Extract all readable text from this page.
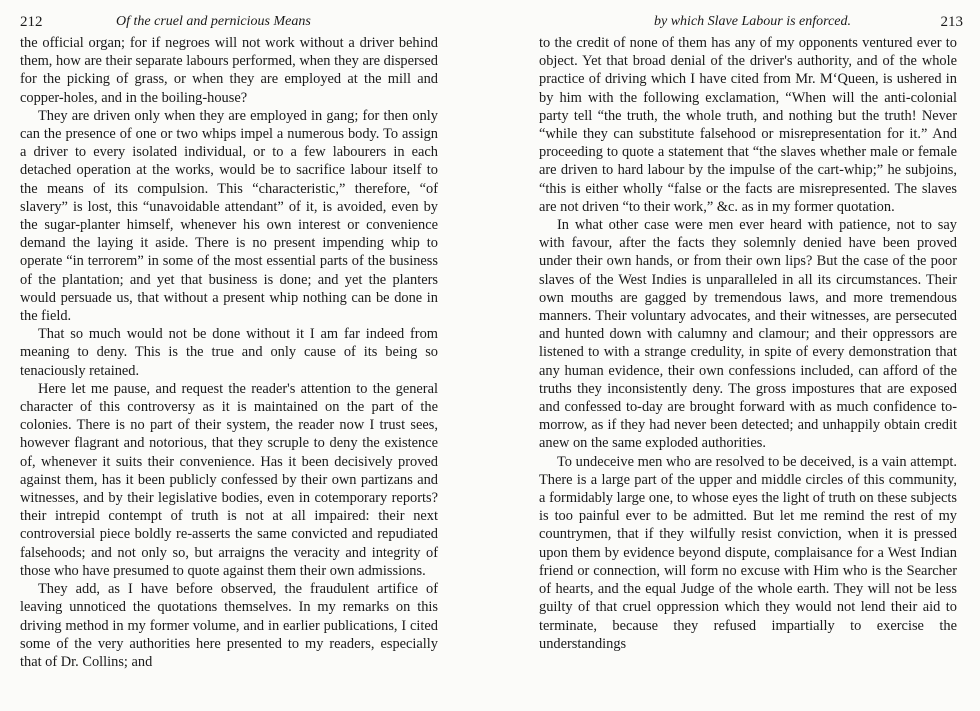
212	Of the cruel and pernicious Means

the official organ; for if negroes will not work without a driver behind them, how are their separate labours performed, when they are dispersed for the picking of grass, or when they are employed at the mill and copper-holes, and in the boiling-house?

They are driven only when they are employed in gang; for then only can the presence of one or two whips impel a numerous body. To assign a driver to every isolated individual, or to a few labourers in each detached operation at the works, would be to sacrifice labour itself to the means of its compulsion. This “characteristic,” therefore, “of slavery” is lost, this “unavoidable attendant” of it, is avoided, even by the sugar-planter himself, whenever his own interest or convenience demand the laying it aside. There is no present impending whip to operate “in terrorem” in some of the most essential parts of the business of the plantation; and yet that business is done; and yet the planters would persuade us, that without a present whip nothing can be done in the field.

That so much would not be done without it I am far indeed from meaning to deny. This is the true and only cause of its being so tenaciously retained.

Here let me pause, and request the reader's attention to the general character of this controversy as it is maintained on the part of the colonies. There is no part of their system, the reader now I trust sees, however flagrant and notorious, that they scruple to deny the existence of, whenever it suits their convenience. Has it been decisively proved against them, has it been publicly confessed by their own partizans and witnesses, and by their legislative bodies, even in cotemporary reports? their intrepid contempt of truth is not at all impaired: their next controversial piece boldly re-asserts the same convicted and repudiated falsehoods; and not only so, but arraigns the veracity and integrity of those who have presumed to quote against them their own admissions.

They add, as I have before observed, the fraudulent artifice of leaving unnoticed the quotations themselves. In my remarks on this driving method in my former volume, and in earlier publications, I cited some of the very authorities here presented to my readers, especially that of Dr. Collins; and

by which Slave Labour is enforced.	213

to the credit of none of them has any of my opponents ventured ever to object. Yet that broad denial of the driver's authority, and of the whole practice of driving which I have cited from Mr. M‘Queen, is ushered in by him with the following exclamation, “When will the anti-colonial party tell “the truth, the whole truth, and nothing but the truth! Never “while they can substitute falsehood or misrepresentation for it.” And proceeding to quote a statement that “the slaves whether male or female are driven to hard labour by the impulse of the cart-whip;” he subjoins, “this is either wholly “false or the facts are misrepresented. The slaves are not driven “to their work,” &c. as in my former quotation.

In what other case were men ever heard with patience, not to say with favour, after the facts they solemnly denied have been proved under their own hands, or from their own lips? But the case of the poor slaves of the West Indies is unparalleled in all its circumstances. Their own mouths are gagged by tremendous laws, and more tremendous manners. Their voluntary advocates, and their witnesses, are persecuted and hunted down with calumny and clamour; and their oppressors are listened to with a strange credulity, in spite of every demonstration that any human evidence, their own confessions included, can afford of the truths they inconsistently deny. The gross impostures that are exposed and confessed to-day are brought forward with as much confidence to-morrow, as if they had never been detected; and unhappily obtain credit anew on the same exploded authorities.

To undeceive men who are resolved to be deceived, is a vain attempt. There is a large part of the upper and middle circles of this community, a formidably large one, to whose eyes the light of truth on these subjects is too painful ever to be admitted. But let me remind the rest of my countrymen, that if they wilfully resist conviction, when it is pressed upon them by evidence beyond dispute, complaisance for a West Indian friend or connection, will form no excuse with Him who is the Searcher of hearts, and the equal Judge of the whole earth. They will not be less guilty of that cruel oppression which they would not lend their aid to terminate, because they refused impartially to exercise the understandings
